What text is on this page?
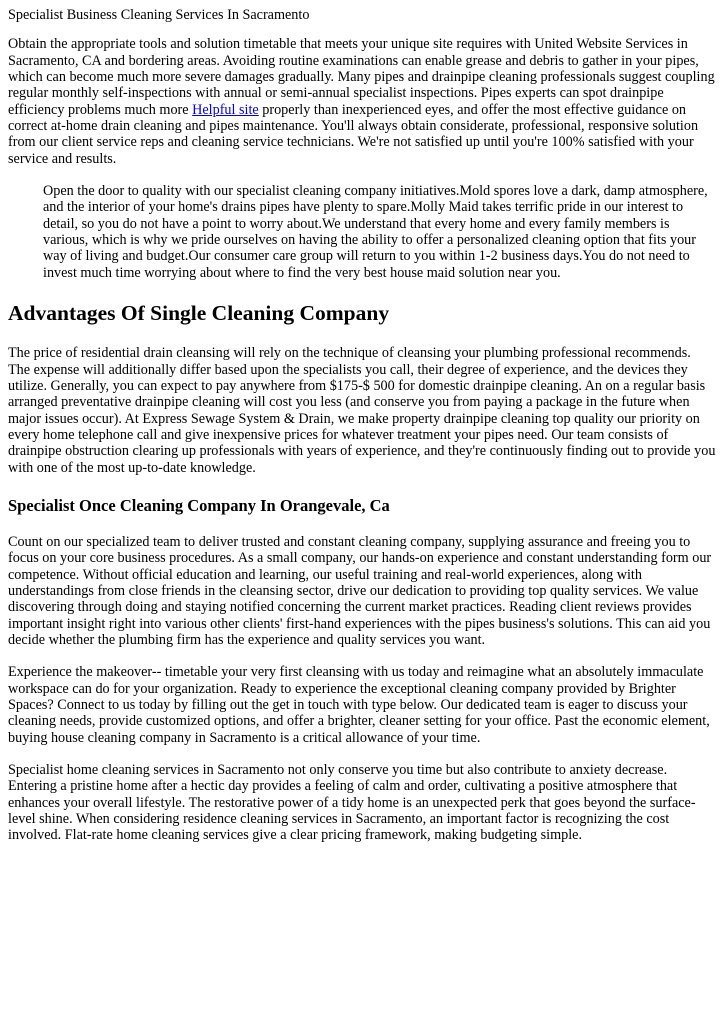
Specialist Business Cleaning Services In Sacramento

Obtain the appropriate tools and solution timetable that meets your unique site requires with United Website Services in Sacramento, CA and bordering areas. Avoiding routine examinations can enable grease and debris to gather in your pipes, which can become much more severe damages gradually. Many pipes and drainpipe cleaning professionals suggest coupling regular monthly self-inspections with annual or semi-annual specialist inspections. Pipes experts can spot drainpipe efficiency problems much more Helpful site properly than inexperienced eyes, and offer the most effective guidance on correct at-home drain cleaning and pipes maintenance. You'll always obtain considerate, professional, responsive solution from our client service reps and cleaning service technicians. We're not satisfied up until you're 100% satisfied with your service and results.

Open the door to quality with our specialist cleaning company initiatives.Mold spores love a dark, damp atmosphere, and the interior of your home's drains pipes have plenty to spare.Molly Maid takes terrific pride in our interest to detail, so you do not have a point to worry about.We understand that every home and every family members is various, which is why we pride ourselves on having the ability to offer a personalized cleaning option that fits your way of living and budget.Our consumer care group will return to you within 1-2 business days.You do not need to invest much time worrying about where to find the very best house maid solution near you.
Advantages Of Single Cleaning Company

The price of residential drain cleansing will rely on the technique of cleansing your plumbing professional recommends. The expense will additionally differ based upon the specialists you call, their degree of experience, and the devices they utilize. Generally, you can expect to pay anywhere from $175-$ 500 for domestic drainpipe cleaning. An on a regular basis arranged preventative drainpipe cleaning will cost you less (and conserve you from paying a package in the future when major issues occur). At Express Sewage System & Drain, we make property drainpipe cleaning top quality our priority on every home telephone call and give inexpensive prices for whatever treatment your pipes need. Our team consists of drainpipe obstruction clearing up professionals with years of experience, and they're continuously finding out to provide you with one of the most up-to-date knowledge.

Specialist Once Cleaning Company In Orangevale, Ca

Count on our specialized team to deliver trusted and constant cleaning company, supplying assurance and freeing you to focus on your core business procedures. As a small company, our hands-on experience and constant understanding form our competence. Without official education and learning, our useful training and real-world experiences, along with understandings from close friends in the cleansing sector, drive our dedication to providing top quality services. We value discovering through doing and staying notified concerning the current market practices. Reading client reviews provides important insight right into various other clients' first-hand experiences with the pipes business's solutions. This can aid you decide whether the plumbing firm has the experience and quality services you want.

Experience the makeover-- timetable your very first cleansing with us today and reimagine what an absolutely immaculate workspace can do for your organization. Ready to experience the exceptional cleaning company provided by Brighter Spaces? Connect to us today by filling out the get in touch with type below. Our dedicated team is eager to discuss your cleaning needs, provide customized options, and offer a brighter, cleaner setting for your office. Past the economic element, buying house cleaning company in Sacramento is a critical allowance of your time.

Specialist home cleaning services in Sacramento not only conserve you time but also contribute to anxiety decrease. Entering a pristine home after a hectic day provides a feeling of calm and order, cultivating a positive atmosphere that enhances your overall lifestyle. The restorative power of a tidy home is an unexpected perk that goes beyond the surface-level shine. When considering residence cleaning services in Sacramento, an important factor is recognizing the cost involved. Flat-rate home cleaning services give a clear pricing framework, making budgeting simple.
